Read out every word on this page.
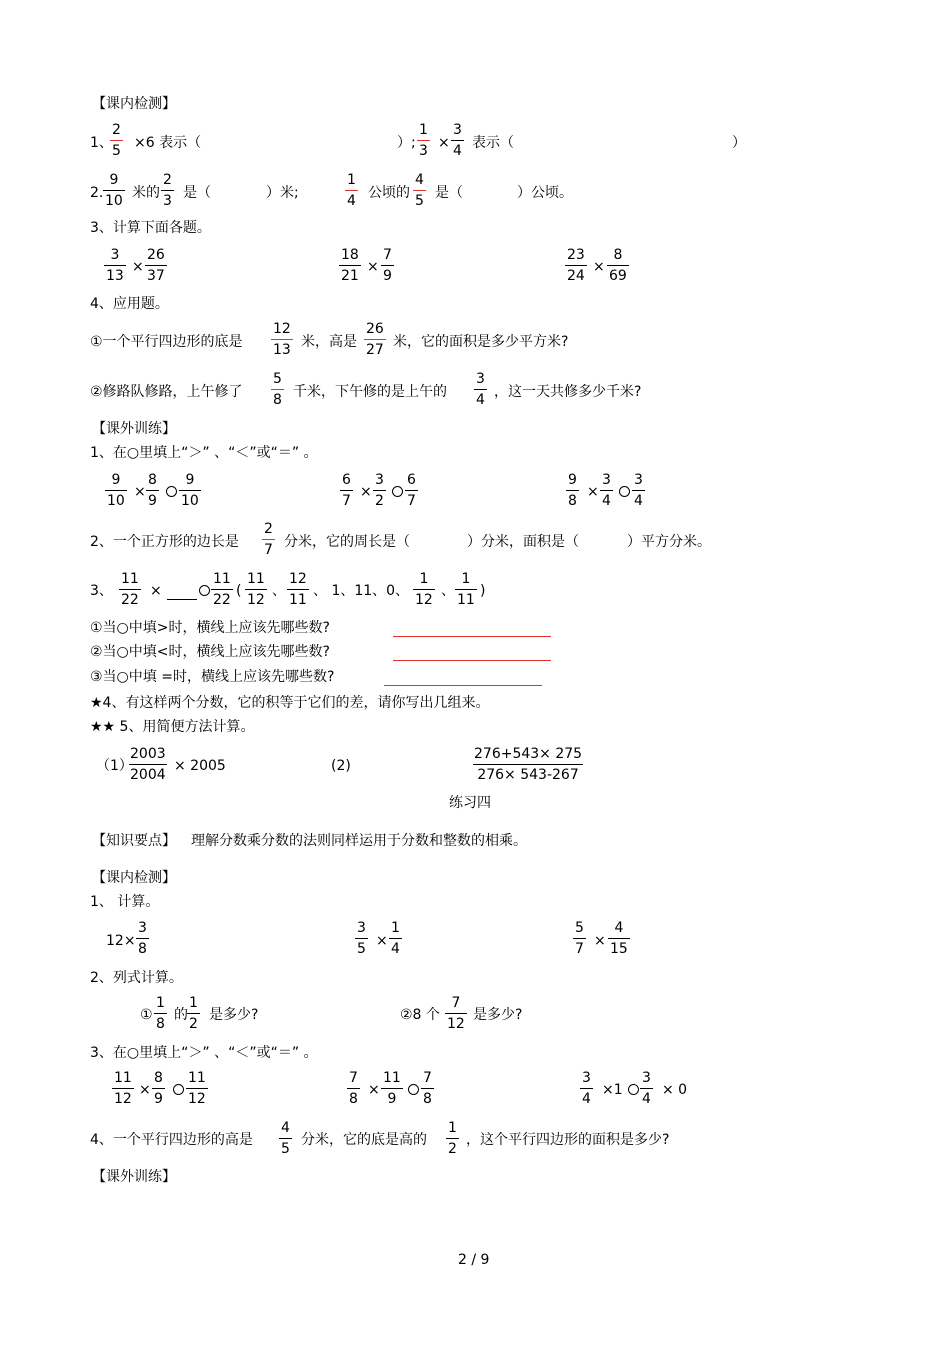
【课内检测】
1、
2
5 ×6 表示（	）;
1
3 ×
3
4 表示（	）
2.
9
10 米的
2
3 是（	）米;
1
4 公顷的
4
5 是（	）公顷。
3、计算下面各题。
3
13
×
26
37
18
21
×
7
9
23
24
×
8
69
4、应用题。
①一个平行四边形的底是
12
13 米，高是
26
27 米，它的面积是多少平方米?
②修路队修路，上午修了
5
8 千米，下午修的是上午的
3
4 ，这一天共修多少千米?
【课外训练】
1、在○里填上“＞” 、“＜”或“＝” 。
9
10
×
8
9
9
10
6
7
×
3
2
6
7
9
8
×
3
4
3
4
2、一个正方形的边长是
2
7 分米，它的周长是（	）分米，面积是（	）平方分米。
3、
11
22
×
11
22
(
11
12
、
12
11
、 1、11、0、
1
12
、
1
11
)
①当○中填>时，横线上应该先哪些数?
②当○中填<时，横线上应该先哪些数?
③当○中填 =时，横线上应该先哪些数?
★4、有这样两个分数，它的积等于它们的差，请你写出几组来。
★★ 5、用简便方法计算。
（1）
2003
2004
× 2005	(2)
276+543× 275
276× 543-267
练习四
【知识要点】 理解分数乘分数的法则同样运用于分数和整数的相乘。
【课内检测】
1、 计算。
12×
3
8
3
5 ×
1
4
5
7 ×
4
15
2、列式计算。
①
1
8
的
1
2
是多少?	②8 个
7
12
是多少?
3、在○里填上“＞” 、“＜”或“＝” 。
11
12
×
8
9
11
12
7
8
×
11
9
7
8
3
4
×1
3
4
× 0
4、一个平行四边形的高是
4
5
分米，它的底是高的
1
2
，这个平行四边形的面积是多少?
【课外训练】
2 / 9
